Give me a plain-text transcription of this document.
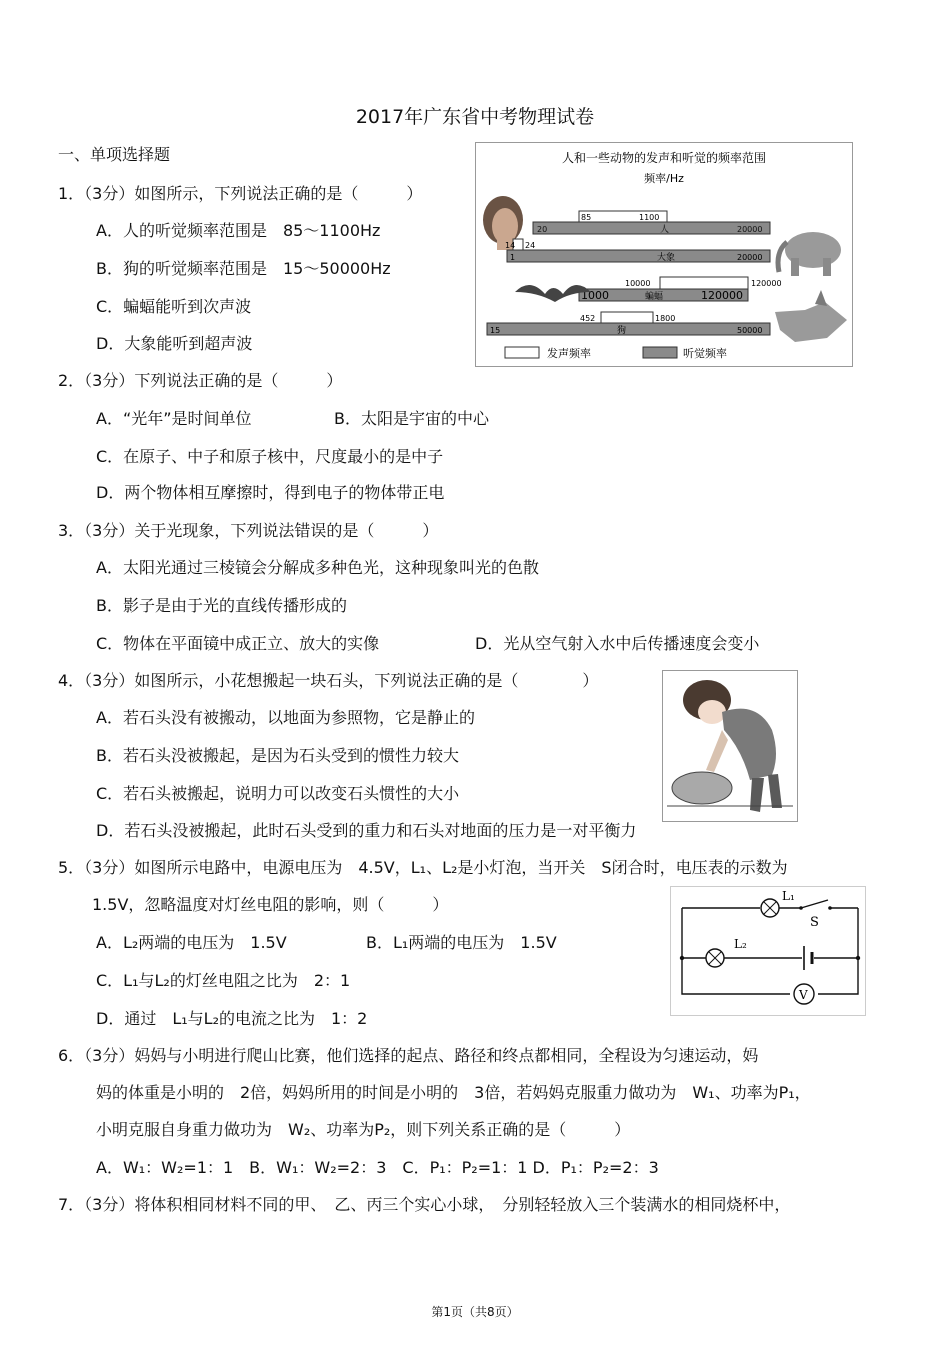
2017年广东省中考物理试卷
一、单项选择题
1．（3分）如图所示，下列说法正确的是（　　　）
A．人的听觉频率范围是　85～1100Hz
B．狗的听觉频率范围是　15～50000Hz
C．蝙蝠能听到次声波
D．大象能听到超声波
人和一些动物的发声和听觉的频率范围
频率/Hz
85	1100
20	人	20000
14 24
1	大象	20000
10000	120000
1000	蝙蝠	120000
452	1800
15	狗	50000
发声频率	听觉频率
2．（3分）下列说法正确的是（　　　）
A．“光年”是时间单位	B．太阳是宇宙的中心
C．在原子、中子和原子核中，尺度最小的是中子
D．两个物体相互摩擦时，得到电子的物体带正电
3．（3分）关于光现象，下列说法错误的是（　　　）
A．太阳光通过三棱镜会分解成多种色光，这种现象叫光的色散
B．影子是由于光的直线传播形成的
C．物体在平面镜中成正立、放大的实像	D．光从空气射入水中后传播速度会变小
4．（3分）如图所示，小花想搬起一块石头，下列说法正确的是（　　　　）
A．若石头没有被搬动，以地面为参照物，它是静止的
B．若石头没被搬起，是因为石头受到的惯性力较大
C．若石头被搬起，说明力可以改变石头惯性的大小
D．若石头没被搬起，此时石头受到的重力和石头对地面的压力是一对平衡力
5．（3分）如图所示电路中，电源电压为　4.5V，L₁、L₂是小灯泡，当开关　S闭合时，电压表的示数为
1.5V，忽略温度对灯丝电阻的影响，则（　　　）
A．L₂两端的电压为　1.5V	B．L₁两端的电压为　1.5V
C．L₁与L₂的灯丝电阻之比为　2：1
D．通过　L₁与L₂的电流之比为　1：2
L₁
S
L₂
V
6．（3分）妈妈与小明进行爬山比赛，他们选择的起点、路径和终点都相同，全程设为匀速运动，妈
妈的体重是小明的　2倍，妈妈所用的时间是小明的　3倍，若妈妈克服重力做功为　W₁、功率为P₁，
小明克服自身重力做功为　W₂、功率为P₂，则下列关系正确的是（　　　）
A．W₁：W₂=1：1　B．W₁：W₂=2：3　C．P₁：P₂=1：1 D．P₁：P₂=2：3
7．（3分）将体积相同材料不同的甲、　乙、丙三个实心小球，　分别轻轻放入三个装满水的相同烧杯中，
第1页（共8页）
